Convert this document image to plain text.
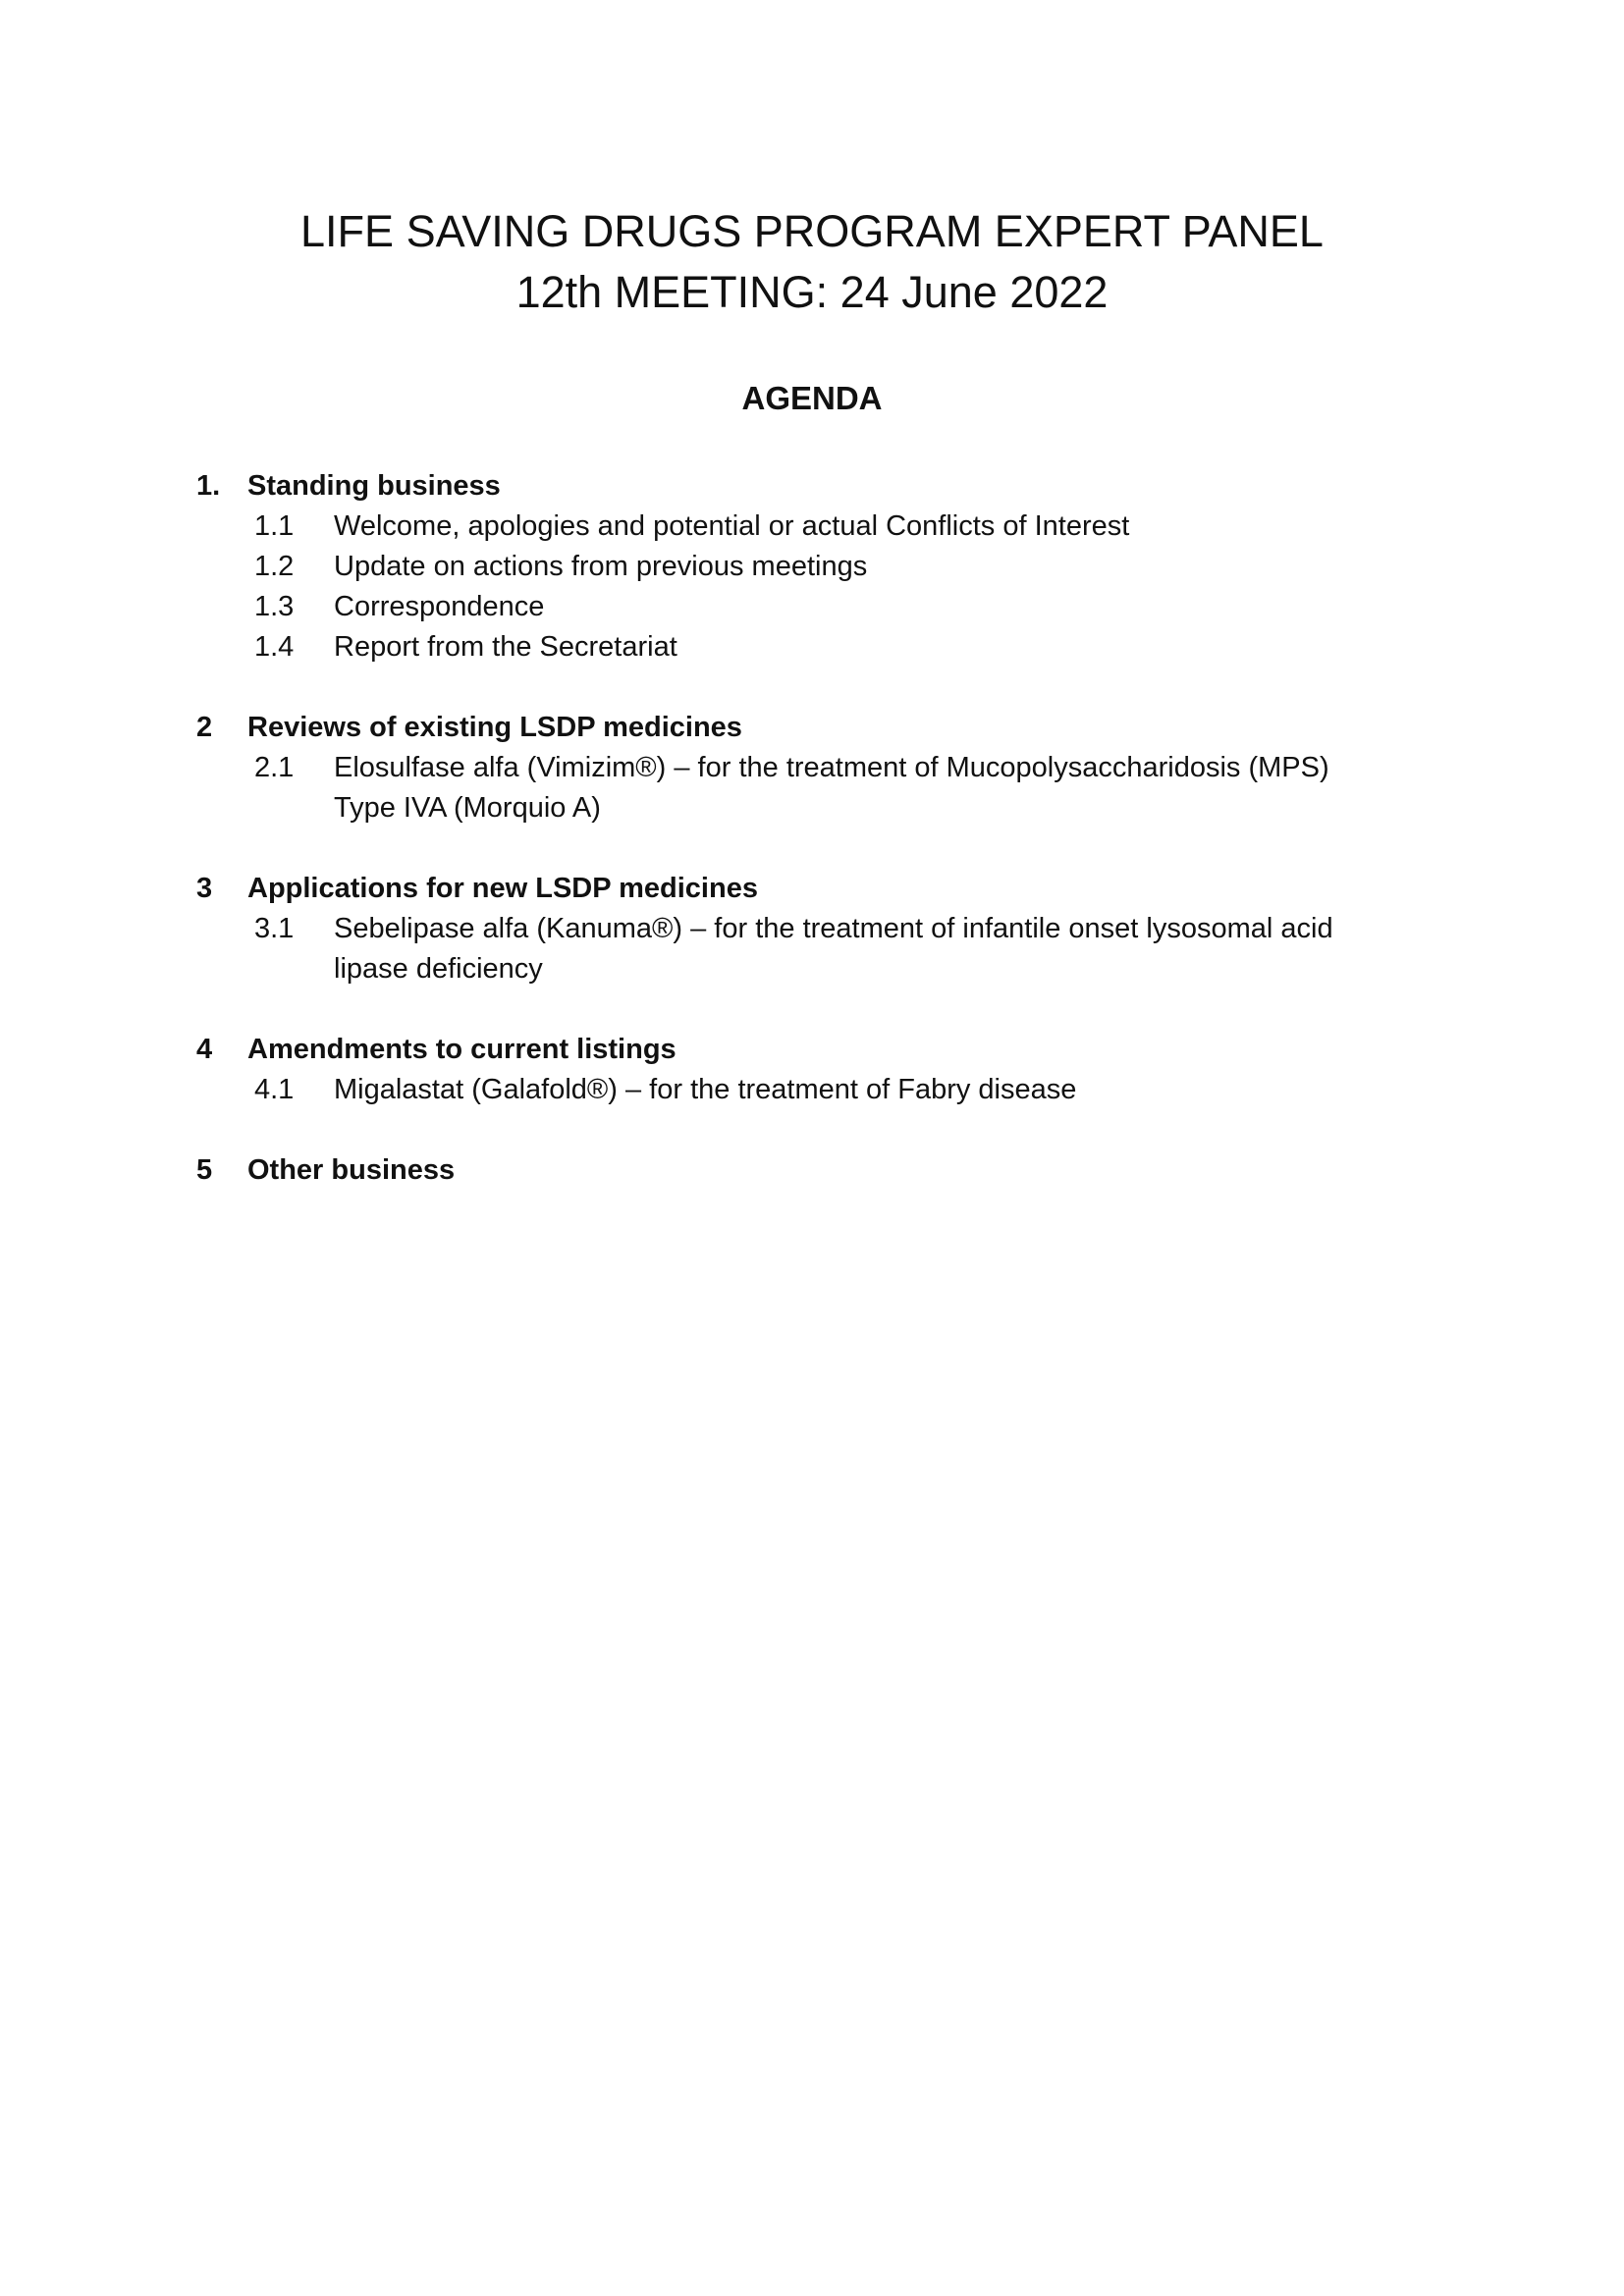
LIFE SAVING DRUGS PROGRAM EXPERT PANEL
12th MEETING: 24 June 2022
AGENDA
1. Standing business
1.1 Welcome, apologies and potential or actual Conflicts of Interest
1.2 Update on actions from previous meetings
1.3 Correspondence
1.4 Report from the Secretariat
2 Reviews of existing LSDP medicines
2.1 Elosulfase alfa (Vimizim®) – for the treatment of Mucopolysaccharidosis (MPS)
Type IVA (Morquio A)
3 Applications for new LSDP medicines
3.1 Sebelipase alfa (Kanuma®) – for the treatment of infantile onset lysosomal acid
lipase deficiency
4 Amendments to current listings
4.1 Migalastat (Galafold®) – for the treatment of Fabry disease
5 Other business
